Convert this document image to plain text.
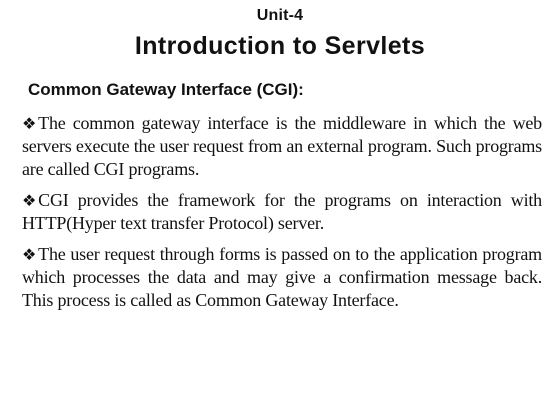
Unit-4
Introduction to Servlets
Common Gateway Interface (CGI):
❖ The common gateway interface is the middleware in which the web servers execute the user request from an external program. Such programs are called CGI programs.
❖ CGI provides the framework for the programs on interaction with HTTP(Hyper text transfer Protocol) server.
❖ The user request through forms is passed on to the application program which processes the data and may give a confirmation message back. This process is called as Common Gateway Interface.
